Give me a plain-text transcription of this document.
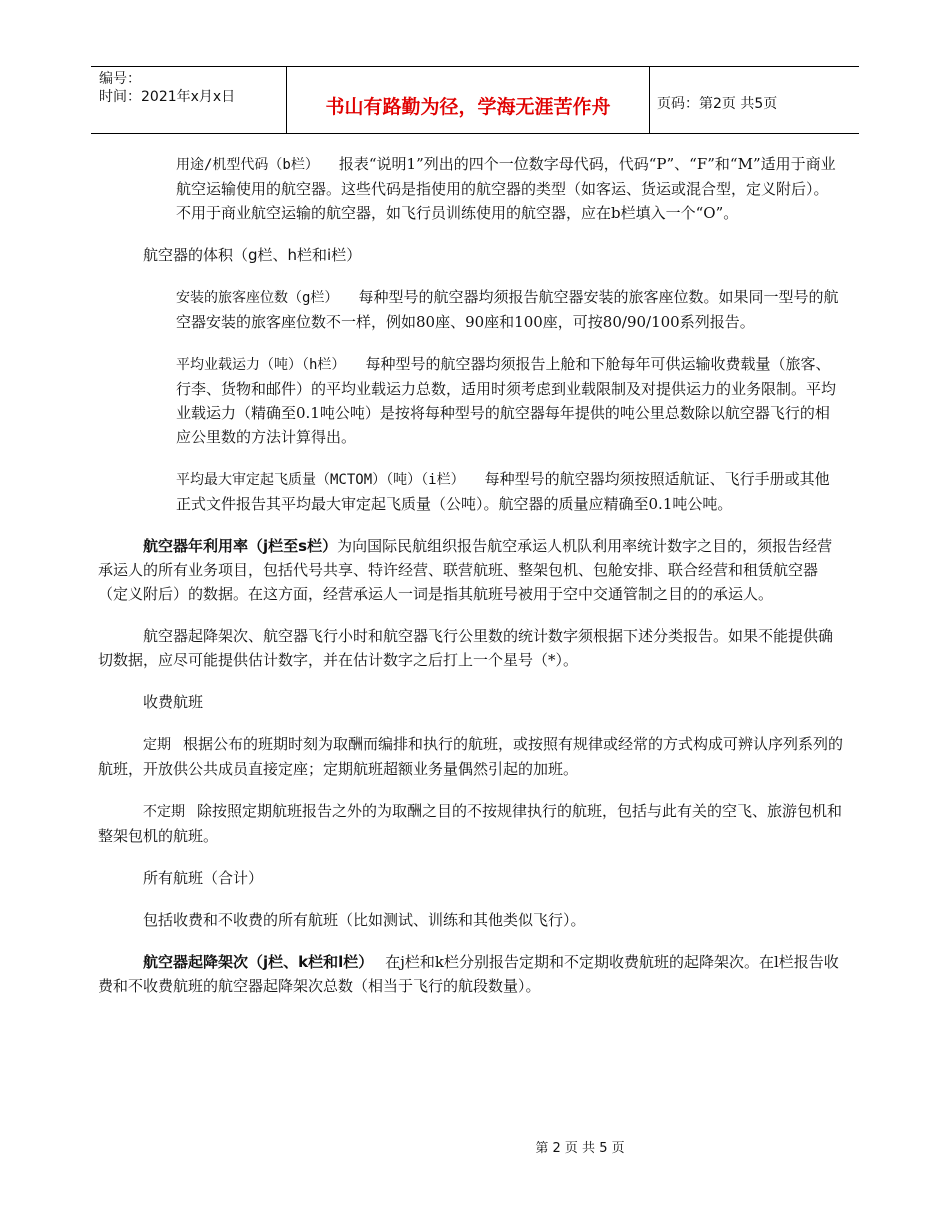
编号：
时间：2021年x月x日	书山有路勤为径，学海无涯苦作舟	页码：第2页 共5页

用途/机型代码（b栏） 报表“说明1”列出的四个一位数字母代码，代码“P”、“F”和“M”适用于商业航空运输使用的航空器。这些代码是指使用的航空器的类型（如客运、货运或混合型，定义附后）。不用于商业航空运输的航空器，如飞行员训练使用的航空器，应在b栏填入一个“O”。

航空器的体积（g栏、h栏和i栏）

安装的旅客座位数（g栏） 每种型号的航空器均须报告航空器安装的旅客座位数。如果同一型号的航空器安装的旅客座位数不一样，例如80座、90座和100座，可按80/90/100系列报告。

平均业载运力（吨）（h栏） 每种型号的航空器均须报告上舱和下舱每年可供运输收费载量（旅客、行李、货物和邮件）的平均业载运力总数，适用时须考虑到业载限制及对提供运力的业务限制。平均业载运力（精确至0.1吨公吨）是按将每种型号的航空器每年提供的吨公里总数除以航空器飞行的相应公里数的方法计算得出。

平均最大审定起飞质量（MCTOM）（吨）（i栏） 每种型号的航空器均须按照适航证、飞行手册或其他正式文件报告其平均最大审定起飞质量（公吨）。航空器的质量应精确至0.1吨公吨。

航空器年利用率（j栏至s栏）为向国际民航组织报告航空承运人机队利用率统计数字之目的，须报告经营承运人的所有业务项目，包括代号共享、特许经营、联营航班、整架包机、包舱安排、联合经营和租赁航空器（定义附后）的数据。在这方面，经营承运人一词是指其航班号被用于空中交通管制之目的的承运人。

航空器起降架次、航空器飞行小时和航空器飞行公里数的统计数字须根据下述分类报告。如果不能提供确切数据，应尽可能提供估计数字，并在估计数字之后打上一个星号（*）。

收费航班

定期 根据公布的班期时刻为取酬而编排和执行的航班，或按照有规律或经常的方式构成可辨认序列系列的航班，开放供公共成员直接定座；定期航班超额业务量偶然引起的加班。

不定期 除按照定期航班报告之外的为取酬之目的不按规律执行的航班，包括与此有关的空飞、旅游包机和整架包机的航班。

所有航班（合计）

包括收费和不收费的所有航班（比如测试、训练和其他类似飞行）。

航空器起降架次（j栏、k栏和l栏） 在j栏和k栏分别报告定期和不定期收费航班的起降架次。在l栏报告收费和不收费航班的航空器起降架次总数（相当于飞行的航段数量）。

第 2 页 共 5 页
